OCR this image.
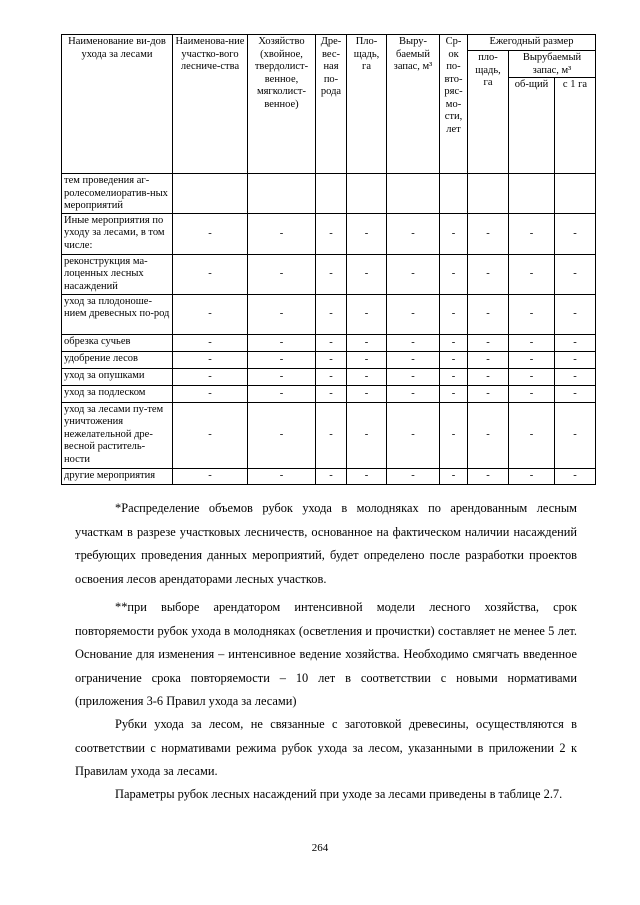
Наименование ви-дов ухода за лесами	Наименова-ние участко-вого лесниче-ства	Хозяйство (хвойное, твердолист-венное, мягколист-венное)	Дре-вес-ная по-рода	Пло-щадь, га	Выру-баемый запас, м³	Ср-ок по-вто-ряс-мо-сти, лет	Ежегодный размер		
							пло-щадь, га	Вырубаемый запас, м³	
								об-щий	с 1 га
тем проведения аг-ролесомелиоратив-ных мероприятий									
Иные мероприятия по уходу за лесами, в том числе:	-	-	-	-	-	-	-	-	-
реконструкция ма-лоценных лесных насаждений	-	-	-	-	-	-	-	-	-
уход за плодоноше-нием древесных по-род	-	-	-	-	-	-	-	-	-
обрезка сучьев	-	-	-	-	-	-	-	-	-
удобрение лесов	-	-	-	-	-	-	-	-	-
уход за опушками	-	-	-	-	-	-	-	-	-
уход за подлеском	-	-	-	-	-	-	-	-	-
уход за лесами пу-тем уничтожения нежелательной дре-весной раститель-ности	-	-	-	-	-	-	-	-	-
другие мероприятия	-	-	-	-	-	-	-	-	-
*Распределение объемов рубок ухода в молодняках по арендованным лесным участкам в разрезе участковых лесничеств, основанное на фактическом наличии насаждений требующих проведения данных мероприятий, будет определено после разработки проектов освоения лесов арендаторами лесных участков.
**при выборе арендатором интенсивной модели лесного хозяйства, срок повторяемости рубок ухода в молодняках (осветления и прочистки) составляет не менее 5 лет. Основание для изменения – интенсивное ведение хозяйства. Необходимо смягчать введенное ограничение срока повторяемости – 10 лет в соответствии с новыми нормативами (приложения 3-6 Правил ухода за лесами)
Рубки ухода за лесом, не связанные с заготовкой древесины, осуществляются в соответствии с нормативами режима рубок ухода за лесом, указанными в приложении 2 к Правилам ухода за лесами.
Параметры рубок лесных насаждений при уходе за лесами приведены в таблице 2.7.
264
